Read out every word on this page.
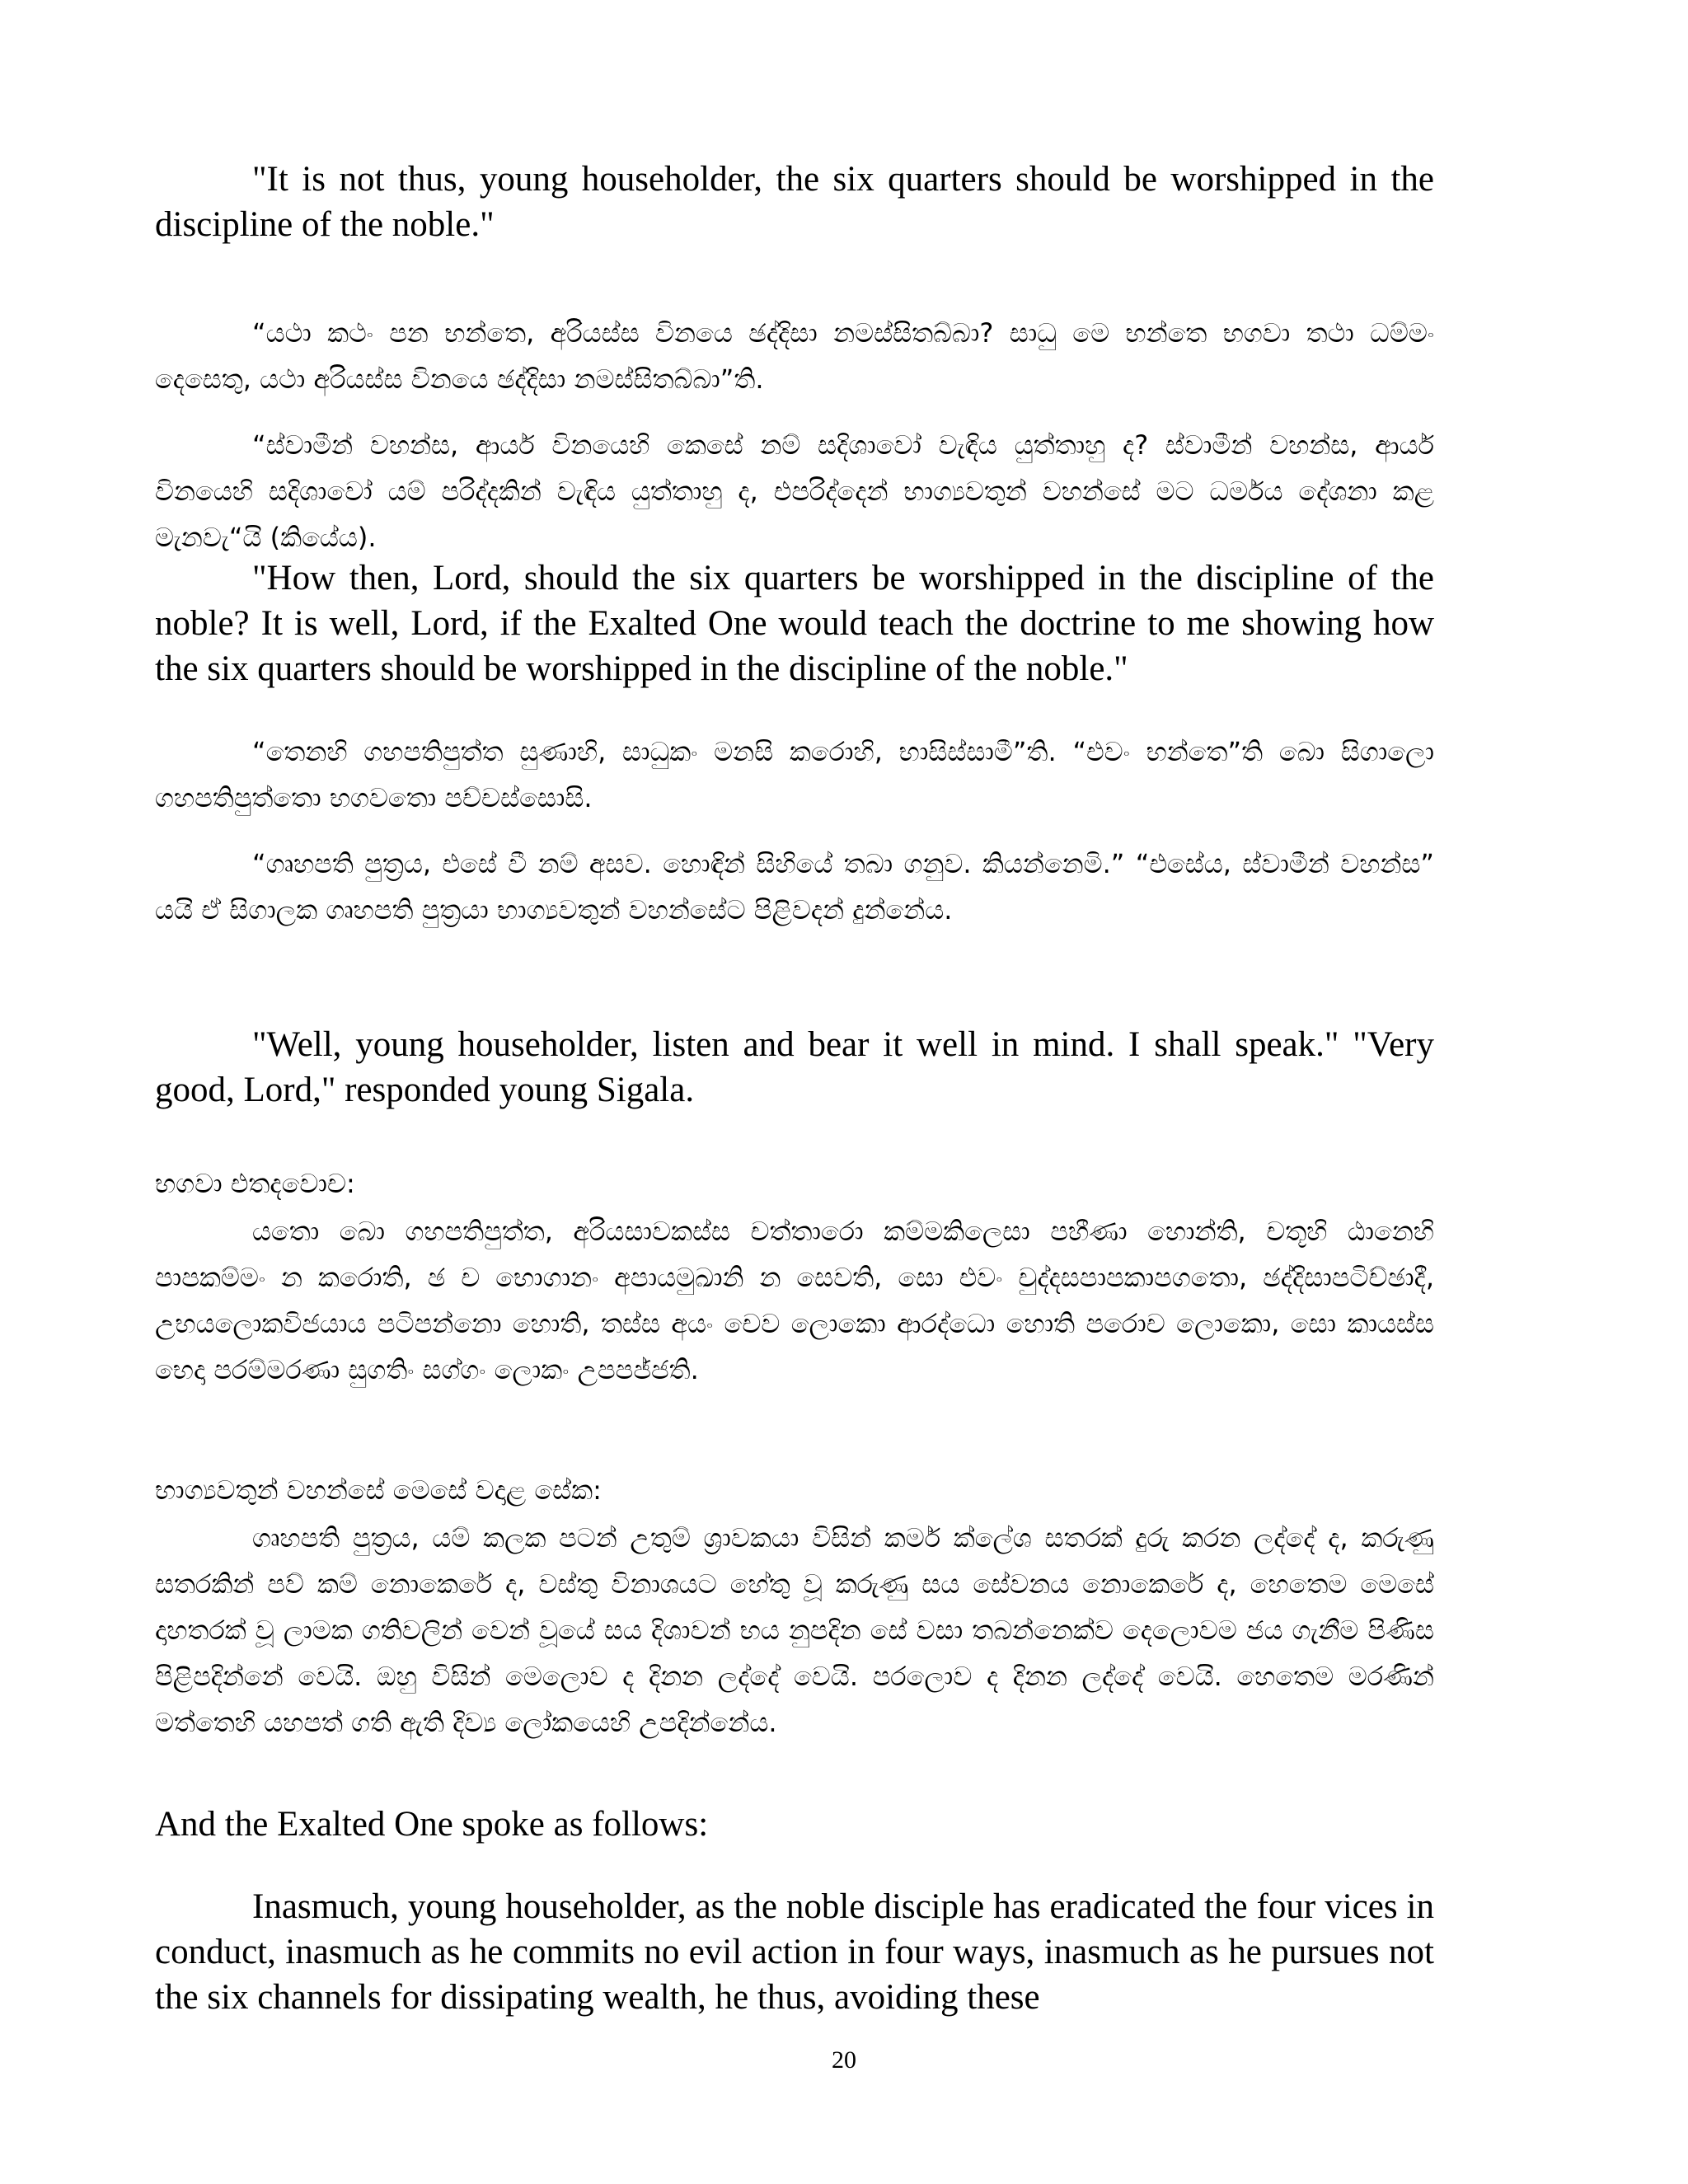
"It is not thus, young householder, the six quarters should be worshipped in the discipline of the noble."

“යථා කථං පන භන්තෙ, අරියස්ස විනයෙ ඡද්දිසා නමස්සිතබ්බා? සාධු මෙ භන්තෙ භගවා තථා ධම්මං දෙසෙතු, යථා අරියස්ස විනයෙ ඡද්දිසා නමස්සිතබ්බා”ති.

“ස්වාමීන් වහන්ස, ආර්ය විනයෙහි කෙසේ නම් සදිශාවෝ වැඳිය යුත්තාහු ද? ස්වාමීන් වහන්ස, ආර්ය විනයෙහි සදිශාවෝ යම් පරිද්දකින් වැඳිය යුත්තාහු ද, එපරිද්දෙන් භාග්‍යවතුන් වහන්සේ මට ධර්මය දේශනා කළ මැනවැ“යි (කියේය).

"How then, Lord, should the six quarters be worshipped in the discipline of the noble? It is well, Lord, if the Exalted One would teach the doctrine to me showing how the six quarters should be worshipped in the discipline of the noble."

“තෙනහි ගහපතිපුත්ත සුණාහි, සාධුකං මනසි කරොහි, භාසිස්සාමී”ති. “එවං භන්තෙ”ති බො සිගාලො ගහපතිපුත්තො භගවතො පච්චස්සොසි.

“ගෘහපති පුත්‍රය, එසේ වී නම් අසව. හොඳින් සිහියේ තබා ගනුව. කියන්නෙමි.” “එසේය, ස්වාමීන් වහන්ස” යයි ඒ සිගාලක ගෘහපති පුත්‍රයා භාග්‍යවතුන් වහන්සේට පිළිවදන් දුන්නේය.

"Well, young householder, listen and bear it well in mind. I shall speak." "Very good, Lord," responded young Sigala.

භගවා එතදවොච:

යතො බො ගහපතිපුත්ත, අරියසාවකස්ස චත්තාරො කම්මකිලෙසා පහීණා හොන්ති, චතූහි ඨානෙහි පාපකම්මං න කරොති, ඡ ච භොගානං අපායමුඛානි න සෙවති, සො එවං චුද්දසපාපකාපගතො, ඡද්දිසාපටිච්ඡාදී, උභයලොකවිජයාය පටිපන්නො හොති, තස්ස අයං චෙව ලොකො ආරද්ධො හොති පරොච ලොකො, සො කායස්ස භෙදා පරම්මරණා සුගතිං සග්ගං ලොකං උපපජ්ජති.

භාග්‍යවතුන් වහන්සේ මෙසේ වදාළ සේක:

ගෘහපති පුත්‍රය, යම් කලක පටන් උතුම් ශ්‍රාවකයා විසින් කර්ම ක්ලේශ සතරක් දුරු කරන ලද්දේ ද, කරුණු සතරකින් පව් කම් නොකෙරේ ද, වස්තු විනාශයට හේතු වූ කරුණු සය සේවනය නොකෙරේ ද, හෙතෙම මෙසේ දාහතරක් වූ ලාමක ගතිවලින් වෙන් වූයේ සය දිශාවන් භය නුපදින සේ වසා තබන්නෙක්ව දෙලොවම ජය ගැනීම පිණිස පිළිපදින්නේ වෙයි. ඔහු විසින් මෙලොව ද දිනන ලද්දේ වෙයි. පරලොව ද දිනන ලද්දේ වෙයි. හෙතෙම මරණින් මත්තෙහි යහපත් ගති ඇති දිව්‍ය ලෝකයෙහි උපදින්නේය.

And the Exalted One spoke as follows:

Inasmuch, young householder, as the noble disciple has eradicated the four vices in conduct, inasmuch as he commits no evil action in four ways, inasmuch as he pursues not the six channels for dissipating wealth, he thus, avoiding these

20
